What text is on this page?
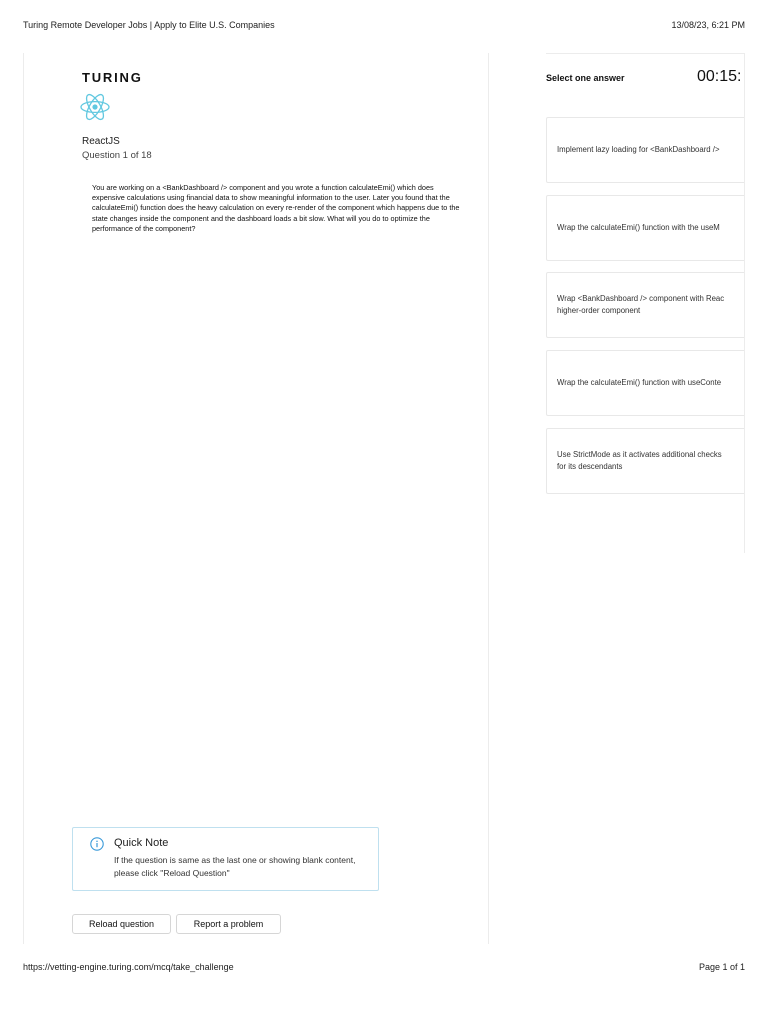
Turing Remote Developer Jobs | Apply to Elite U.S. Companies	13/08/23, 6:21 PM
TURING
ReactJS
Question 1 of 18
You are working on a <BankDashboard /> component and you wrote a function calculateEmi() which does expensive calculations using financial data to show meaningful information to the user. Later you found that the calculateEmi() function does the heavy calculation on every re-render of the component which happens due to the state changes inside the component and the dashboard loads a bit slow. What will you do to optimize the performance of the component?
Quick Note
If the question is same as the last one or showing blank content, please click "Reload Question"
Reload question	Report a problem
Select one answer	00:15:
Implement lazy loading for <BankDashboard />
Wrap the calculateEmi() function with the useM
Wrap <BankDashboard /> component with Reac
higher-order component
Wrap the calculateEmi() function with useConte
Use StrictMode as it activates additional checks
for its descendants
https://vetting-engine.turing.com/mcq/take_challenge	Page 1 of 1
